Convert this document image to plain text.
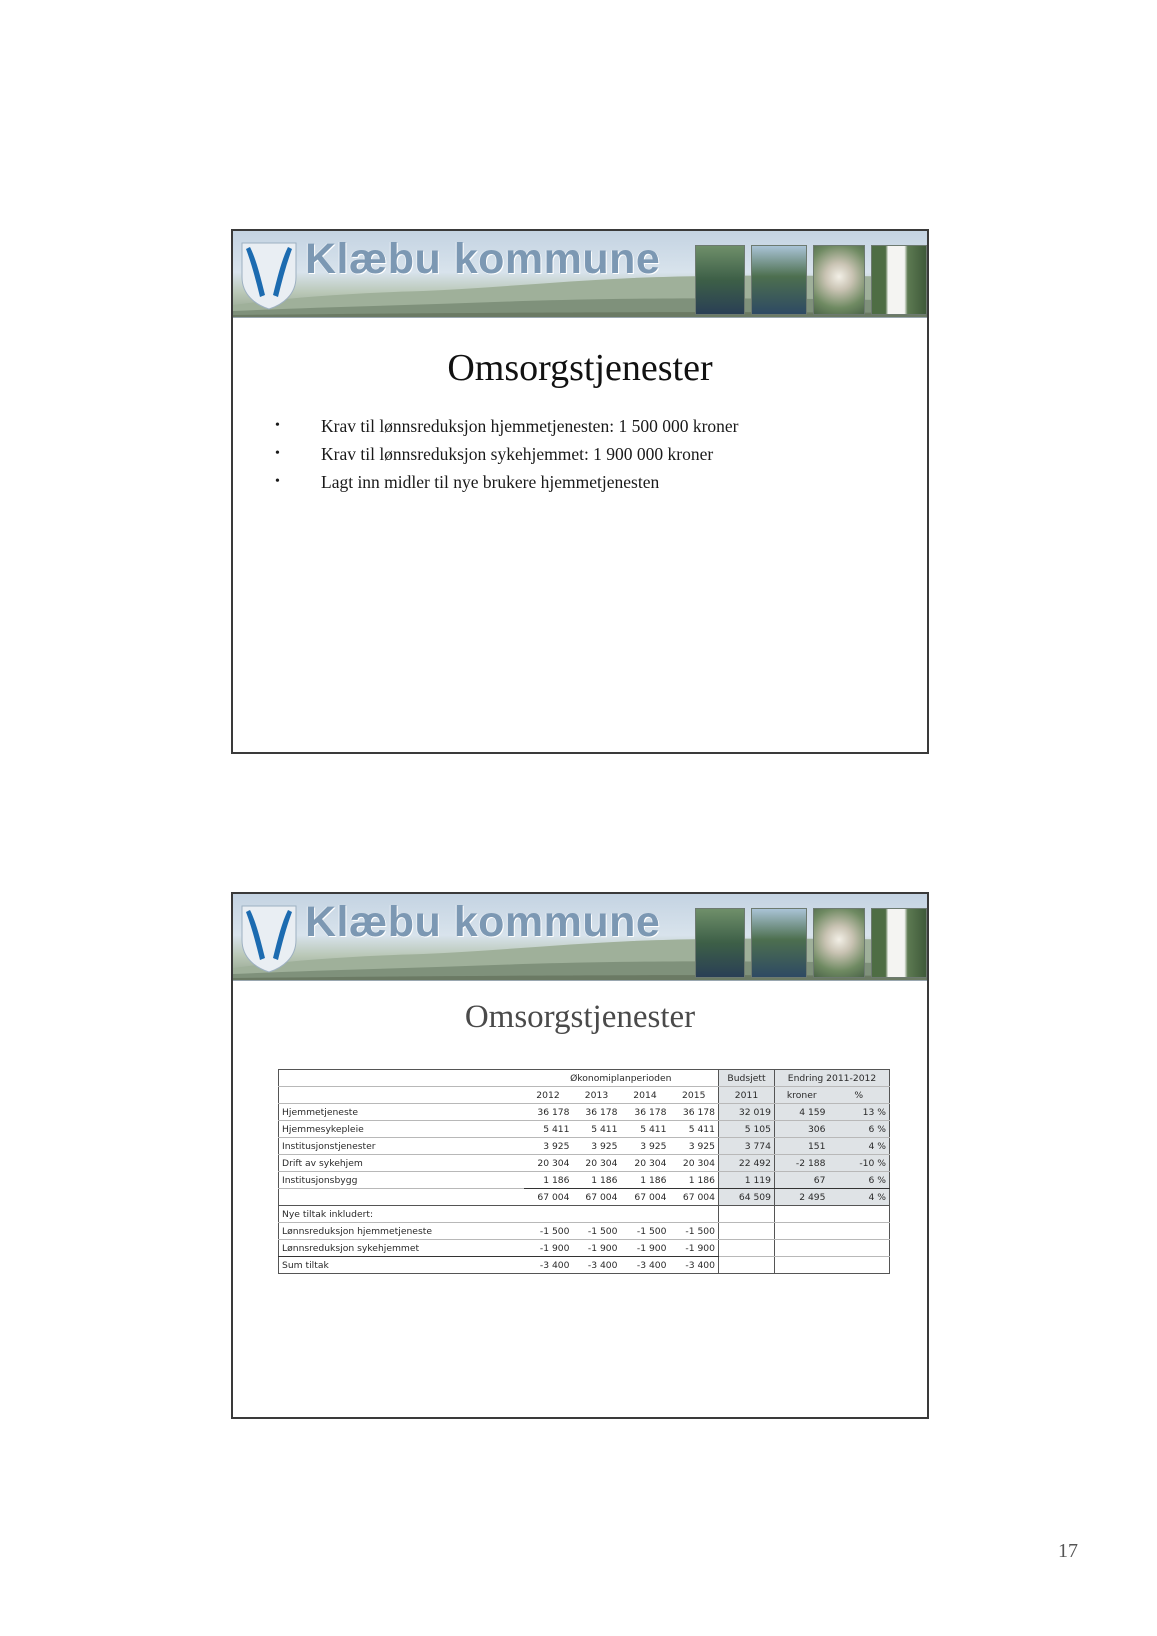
Klæbu kommune
Omsorgstjenester
• Krav til lønnsreduksjon hjemmetjenesten: 1 500 000 kroner
• Krav til lønnsreduksjon sykehjemmet: 1 900 000 kroner
• Lagt inn midler til nye brukere hjemmetjenesten
Klæbu kommune
Omsorgstjenester
	Økonomiplanperioden				Budsjett	Endring 2011-2012	
	2012	2013	2014	2015	2011	kroner	%
Hjemmetjeneste	36 178	36 178	36 178	36 178	32 019	4 159	13 %
Hjemmesykepleie	5 411	5 411	5 411	5 411	5 105	306	6 %
Institusjonstjenester	3 925	3 925	3 925	3 925	3 774	151	4 %
Drift av sykehjem	20 304	20 304	20 304	20 304	22 492	-2 188	-10 %
Institusjonsbygg	1 186	1 186	1 186	1 186	1 119	67	6 %
	67 004	67 004	67 004	67 004	64 509	2 495	4 %
Nye tiltak inkludert:							
Lønnsreduksjon hjemmetjeneste	-1 500	-1 500	-1 500	-1 500			
Lønnsreduksjon sykehjemmet	-1 900	-1 900	-1 900	-1 900			
Sum tiltak	-3 400	-3 400	-3 400	-3 400			
17
